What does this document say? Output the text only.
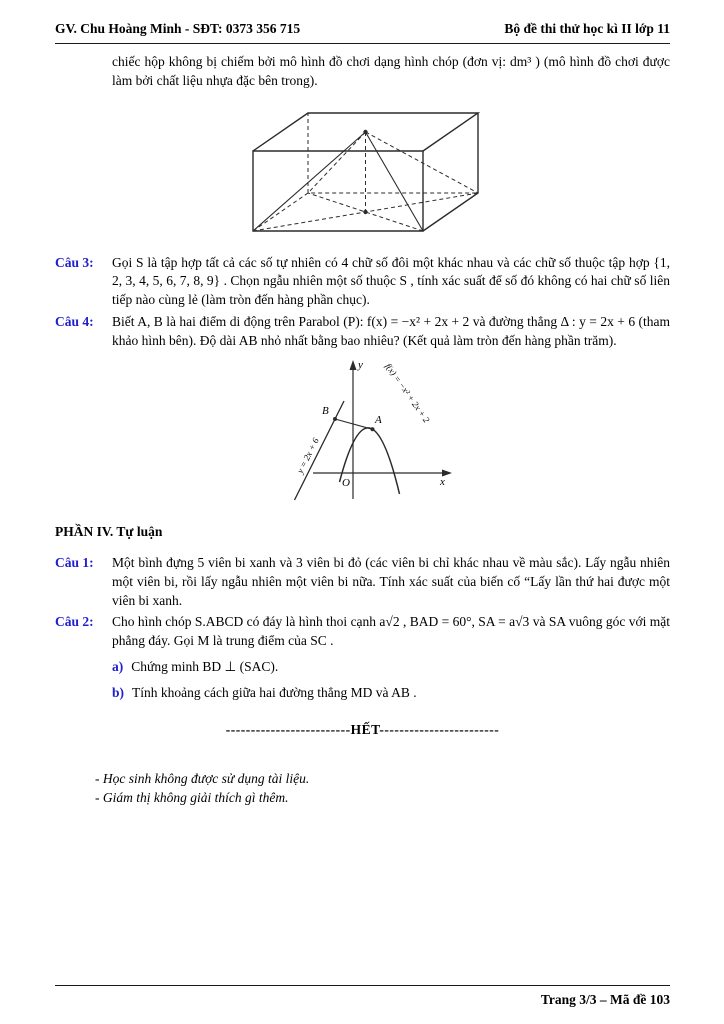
GV. Chu Hoàng Minh - SĐT: 0373 356 715	Bộ đề thi thử học kì II lớp 11

chiếc hộp không bị chiếm bởi mô hình đồ chơi dạng hình chóp (đơn vị: dm³ ) (mô hình đồ chơi được làm bởi chất liệu nhựa đặc bên trong).

Câu 3:	Gọi S là tập hợp tất cả các số tự nhiên có 4 chữ số đôi một khác nhau và các chữ số thuộc tập hợp {1, 2, 3, 4, 5, 6, 7, 8, 9} . Chọn ngẫu nhiên một số thuộc S , tính xác suất để số đó không có hai chữ số liên tiếp nào cùng lẻ (làm tròn đến hàng phần chục).
Câu 4:	Biết A, B là hai điểm di động trên Parabol (P): f(x) = −x² + 2x + 2 và đường thẳng Δ : y = 2x + 6 (tham khảo hình bên). Độ dài AB nhỏ nhất bằng bao nhiêu? (Kết quả làm tròn đến hàng phần trăm).
y
x
O
B
A
y = 2x + 6
f(x) = −x² + 2x + 2
PHẦN IV. Tự luận
Câu 1:	Một bình đựng 5 viên bi xanh và 3 viên bi đỏ (các viên bi chỉ khác nhau về màu sắc). Lấy ngẫu nhiên một viên bi, rồi lấy ngẫu nhiên một viên bi nữa. Tính xác suất của biến cố “Lấy lần thứ hai được một viên bi xanh.
Câu 2:	Cho hình chóp S.ABCD có đáy là hình thoi cạnh a√2 , BAD = 60°, SA = a√3 và SA vuông góc với mặt phẳng đáy. Gọi M là trung điểm của SC .
a) Chứng minh BD ⊥ (SAC).
b) Tính khoảng cách giữa hai đường thẳng MD và AB .
-------------------------HẾT------------------------

- Học sinh không được sử dụng tài liệu.

- Giám thị không giải thích gì thêm.

Trang 3/3 – Mã đề 103
